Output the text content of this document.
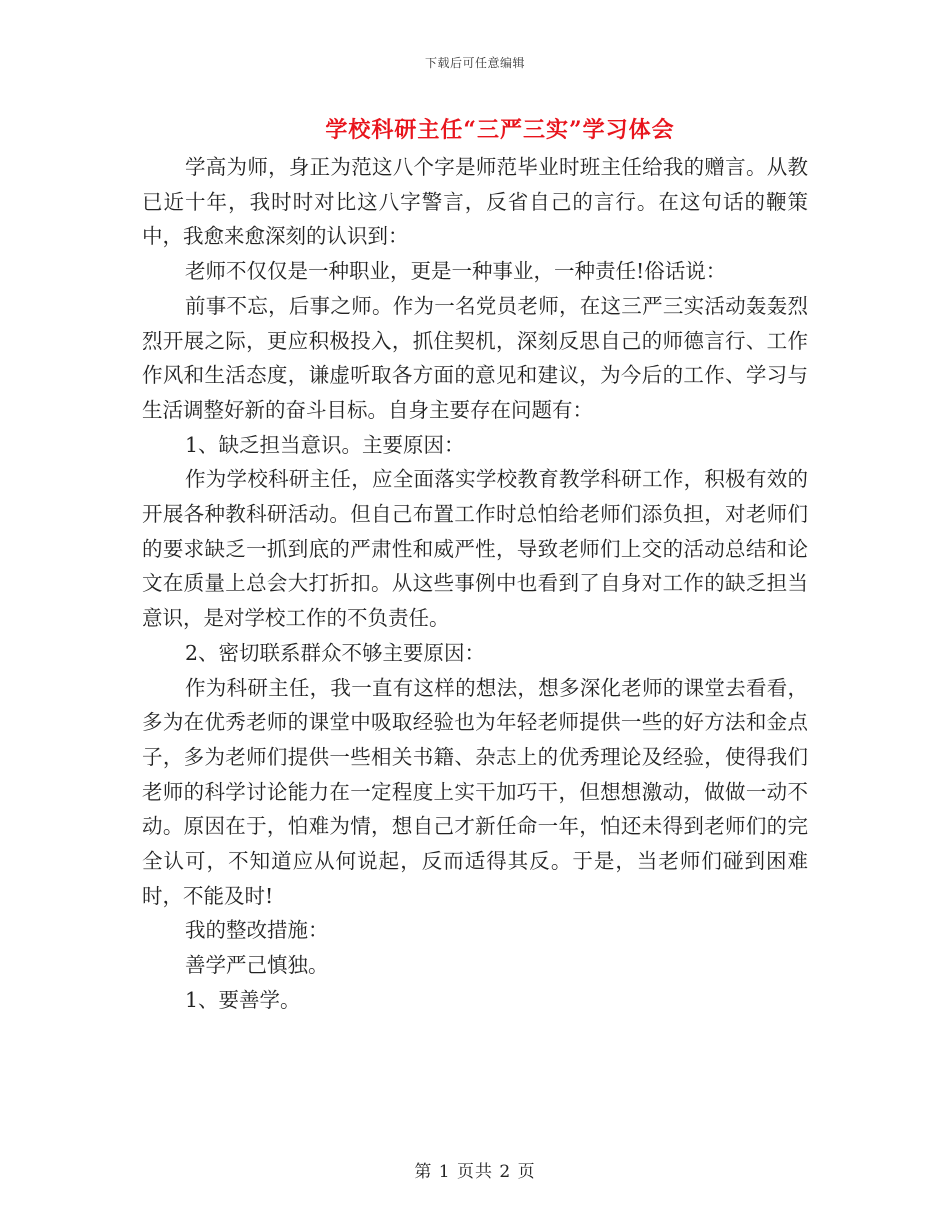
下载后可任意编辑
学校科研主任“三严三实”学习体会

学高为师，身正为范这八个字是师范毕业时班主任给我的赠言。从教已近十年，我时时对比这八字警言，反省自己的言行。在这句话的鞭策中，我愈来愈深刻的认识到：

老师不仅仅是一种职业，更是一种事业，一种责任!俗话说：

前事不忘，后事之师。作为一名党员老师，在这三严三实活动轰轰烈烈开展之际，更应积极投入，抓住契机，深刻反思自己的师德言行、工作作风和生活态度，谦虚听取各方面的意见和建议，为今后的工作、学习与生活调整好新的奋斗目标。自身主要存在问题有：

1、缺乏担当意识。主要原因：

作为学校科研主任，应全面落实学校教育教学科研工作，积极有效的开展各种教科研活动。但自己布置工作时总怕给老师们添负担，对老师们的要求缺乏一抓到底的严肃性和威严性，导致老师们上交的活动总结和论文在质量上总会大打折扣。从这些事例中也看到了自身对工作的缺乏担当意识，是对学校工作的不负责任。

2、密切联系群众不够主要原因：

作为科研主任，我一直有这样的想法，想多深化老师的课堂去看看，多为在优秀老师的课堂中吸取经验也为年轻老师提供一些的好方法和金点子，多为老师们提供一些相关书籍、杂志上的优秀理论及经验，使得我们老师的科学讨论能力在一定程度上实干加巧干，但想想激动，做做一动不动。原因在于，怕难为情，想自己才新任命一年，怕还未得到老师们的完全认可，不知道应从何说起，反而适得其反。于是，当老师们碰到困难时，不能及时!

我的整改措施：

善学严己慎独。

1、要善学。

第 1 页共 2 页
